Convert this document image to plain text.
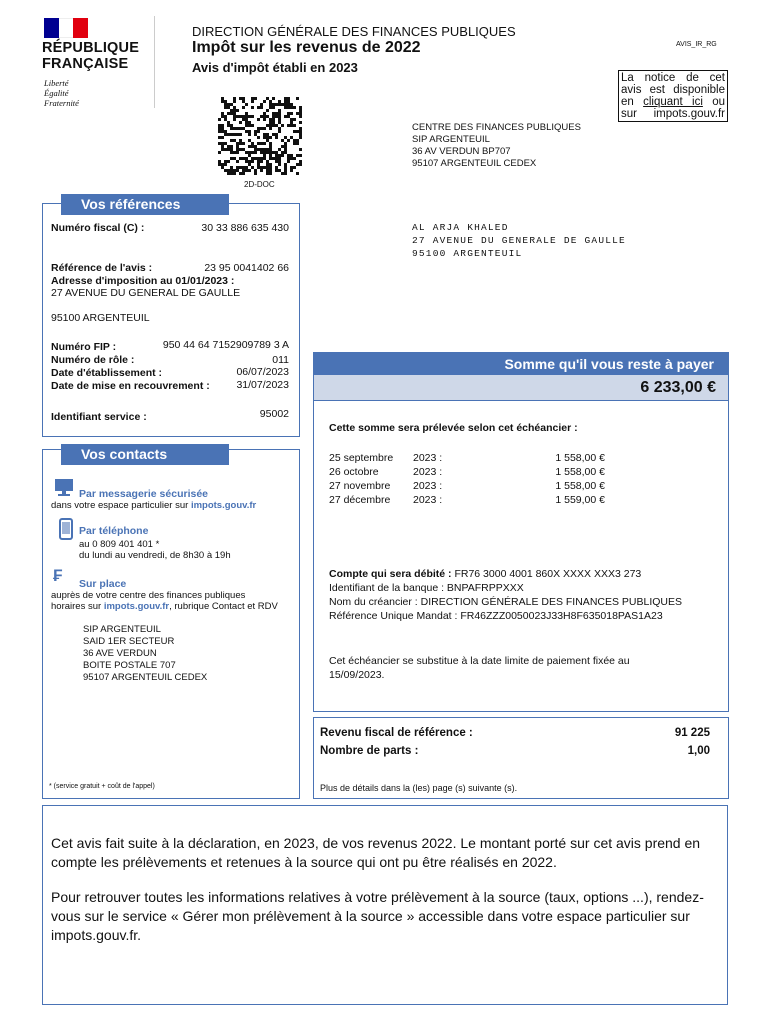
RÉPUBLIQUE
FRANÇAISE
Liberté
Égalité
Fraternité
DIRECTION GÉNÉRALE DES FINANCES PUBLIQUES
Impôt sur les revenus de 2022
Avis d'impôt établi en 2023
AVIS_IR_RG
La notice de cet avis est disponible en cliquant ici ou sur impots.gouv.fr
2D-DOC
CENTRE DES FINANCES PUBLIQUES
SIP ARGENTEUIL
36 AV VERDUN BP707
95107 ARGENTEUIL CEDEX
AL ARJA KHALED
27 AVENUE DU GENERALE DE GAULLE
95100 ARGENTEUIL
Vos références
Numéro fiscal (C) :	30 33 886 635 430
Référence de l'avis :	23 95 0041402 66
Adresse d'imposition au 01/01/2023 :
27 AVENUE DU GENERAL DE GAULLE
95100 ARGENTEUIL
Numéro FIP :	950 44 64 7152909789 3 A
Numéro de rôle :	011
Date d'établissement :	06/07/2023
Date de mise en recouvrement :	31/07/2023
Identifiant service :	95002
Vos contacts
Par messagerie sécurisée
dans votre espace particulier sur impots.gouv.fr
Par téléphone
au 0 809 401 401 *
du lundi au vendredi, de 8h30 à 19h
₣ Sur place
auprès de votre centre des finances publiques
horaires sur impots.gouv.fr, rubrique Contact et RDV
SIP ARGENTEUIL
SAID 1ER SECTEUR
36 AVE VERDUN
BOITE POSTALE 707
95107 ARGENTEUIL CEDEX
* (service gratuit + coût de l'appel)
Somme qu'il vous reste à payer
6 233,00 €
Cette somme sera prélevée selon cet échéancier :
25 septembre	2023 :	1 558,00 €
26 octobre	2023 :	1 558,00 €
27 novembre	2023 :	1 558,00 €
27 décembre	2023 :	1 559,00 €
Compte qui sera débité : FR76 3000 4001 860X XXXX XXX3 273
Identifiant de la banque : BNPAFRPPXXX
Nom du créancier : DIRECTION GÉNÉRALE DES FINANCES PUBLIQUES
Référence Unique Mandat : FR46ZZZ0050023J33H8F635018PAS1A23
Cet échéancier se substitue à la date limite de paiement fixée au
15/09/2023.
Revenu fiscal de référence :	91 225
Nombre de parts :	1,00
Plus de détails dans la (les) page (s) suivante (s).

Cet avis fait suite à la déclaration, en 2023, de vos revenus 2022. Le montant porté sur cet avis prend en compte les prélèvements et retenues à la source qui ont pu être réalisés en 2022.

Pour retrouver toutes les informations relatives à votre prélèvement à la source (taux, options ...), rendez-vous sur le service « Gérer mon prélèvement à la source » accessible dans votre espace particulier sur impots.gouv.fr.
